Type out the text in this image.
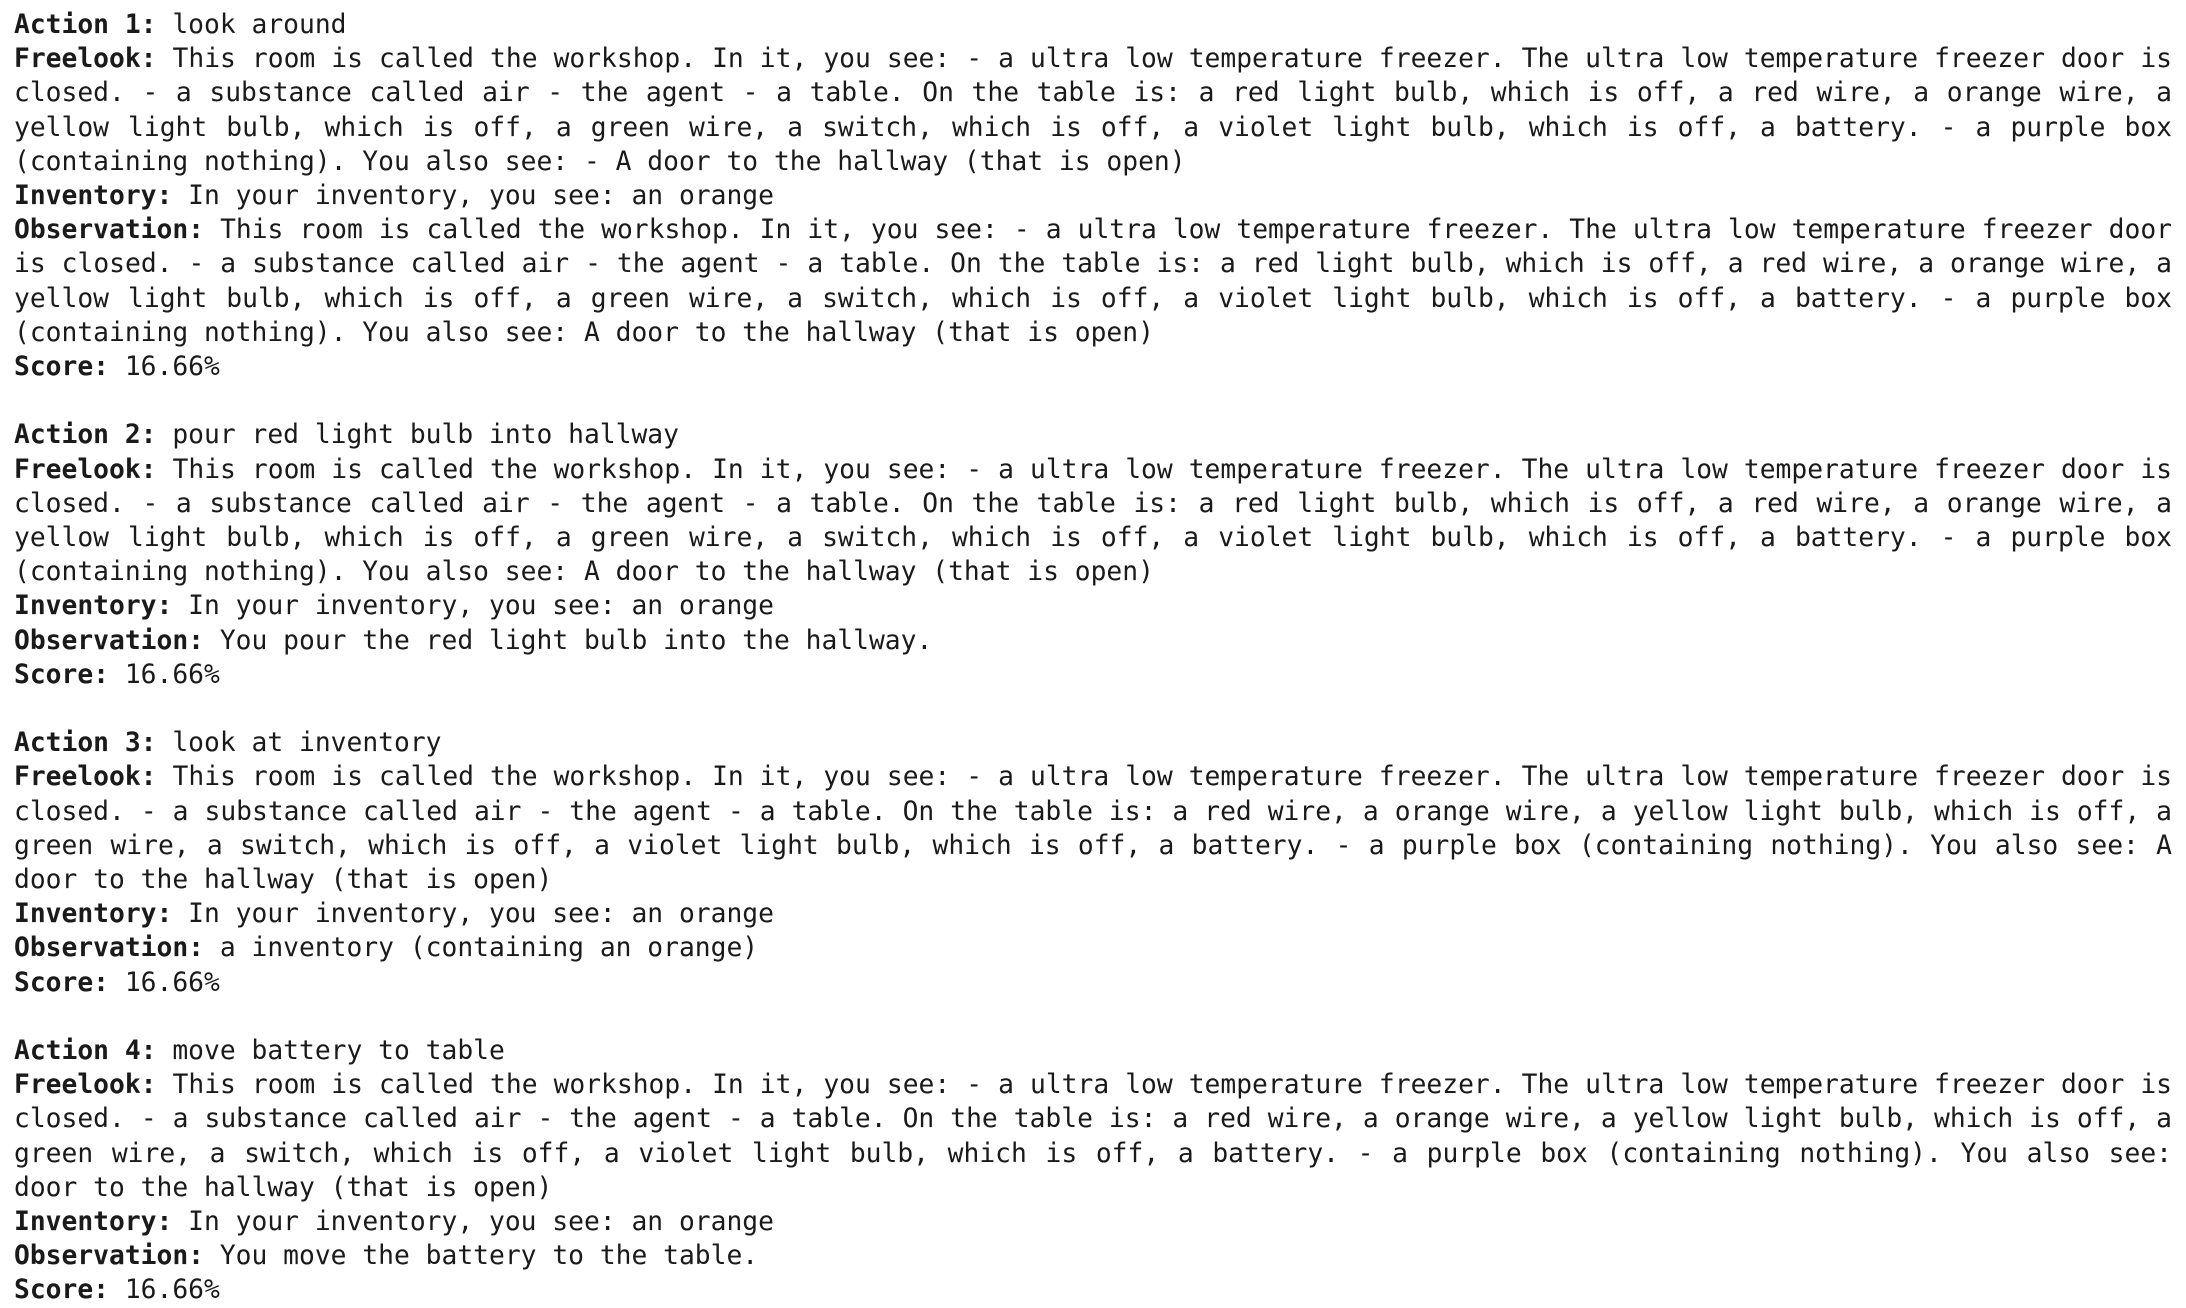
Action 1: look around
Freelook: This room is called the workshop. In it, you see: - a ultra low temperature freezer. The ultra low temperature freezer door is closed. - a substance called air - the agent - a table. On the table is: a red light bulb, which is off, a red wire, a orange wire, a yellow light bulb, which is off, a green wire, a switch, which is off, a violet light bulb, which is off, a battery. - a purple box (containing nothing). You also see: - A door to the hallway (that is open)
Inventory: In your inventory, you see: an orange
Observation: This room is called the workshop. In it, you see: - a ultra low temperature freezer. The ultra low temperature freezer door is closed. - a substance called air - the agent - a table. On the table is: a red light bulb, which is off, a red wire, a orange wire, a yellow light bulb, which is off, a green wire, a switch, which is off, a violet light bulb, which is off, a battery. - a purple box (containing nothing). You also see: A door to the hallway (that is open)
Score: 16.66%
Action 2: pour red light bulb into hallway
Freelook: This room is called the workshop. In it, you see: - a ultra low temperature freezer. The ultra low temperature freezer door is closed. - a substance called air - the agent - a table. On the table is: a red light bulb, which is off, a red wire, a orange wire, a yellow light bulb, which is off, a green wire, a switch, which is off, a violet light bulb, which is off, a battery. - a purple box (containing nothing). You also see: A door to the hallway (that is open)
Inventory: In your inventory, you see: an orange
Observation: You pour the red light bulb into the hallway.
Score: 16.66%
Action 3: look at inventory
Freelook: This room is called the workshop. In it, you see: - a ultra low temperature freezer. The ultra low temperature freezer door is closed. - a substance called air - the agent - a table. On the table is: a red wire, a orange wire, a yellow light bulb, which is off, a green wire, a switch, which is off, a violet light bulb, which is off, a battery. - a purple box (containing nothing). You also see: A door to the hallway (that is open)
Inventory: In your inventory, you see: an orange
Observation: a inventory (containing an orange)
Score: 16.66%
Action 4: move battery to table
Freelook: This room is called the workshop. In it, you see: - a ultra low temperature freezer. The ultra low temperature freezer door is closed. - a substance called air - the agent - a table. On the table is: a red wire, a orange wire, a yellow light bulb, which is off, a green wire, a switch, which is off, a violet light bulb, which is off, a battery. - a purple box (containing nothing). You also see: door to the hallway (that is open)
Inventory: In your inventory, you see: an orange
Observation: You move the battery to the table.
Score: 16.66%
